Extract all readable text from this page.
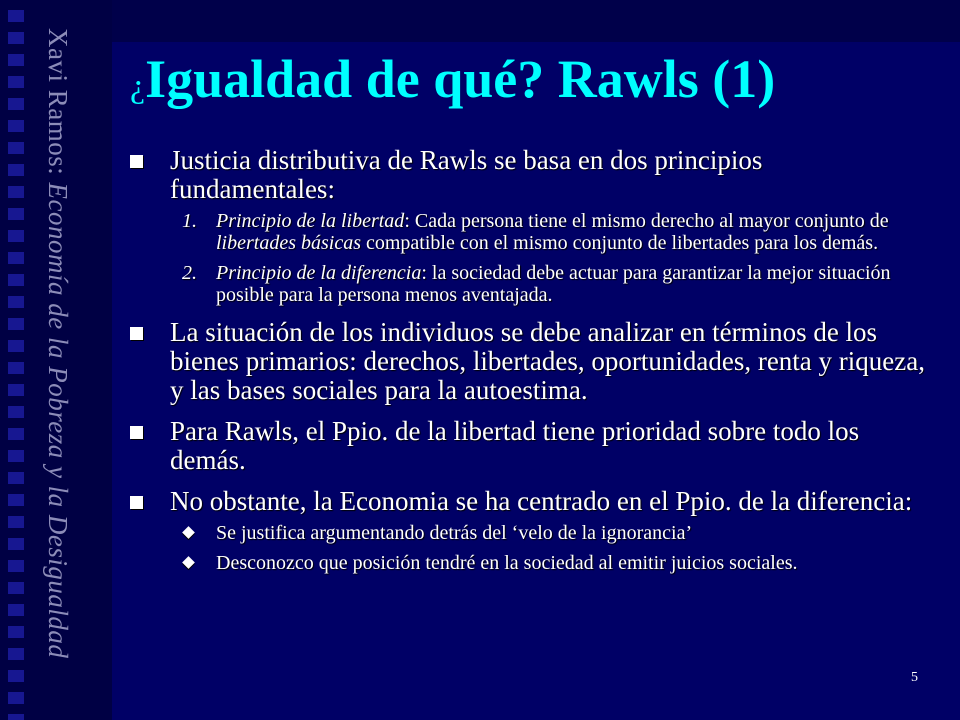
Xavi Ramos: Economía de la Pobreza y la Desigualdad
¿Igualdad de qué? Rawls (1)
Justicia distributiva de Rawls se basa en dos principios fundamentales:
1. Principio de la libertad: Cada persona tiene el mismo derecho al mayor conjunto de libertades básicas compatible con el mismo conjunto de libertades para los demás.
2. Principio de la diferencia: la sociedad debe actuar para garantizar la mejor situación posible para la persona menos aventajada.
La situación de los individuos se debe analizar en términos de los bienes primarios: derechos, libertades, oportunidades, renta y riqueza, y las bases sociales para la autoestima.
Para Rawls, el Ppio. de la libertad tiene prioridad sobre todo los demás.
No obstante, la Economia se ha centrado en el Ppio. de la diferencia:
Se justifica argumentando detrás del ‘velo de la ignorancia’
Desconozco que posición tendré en la sociedad al emitir juicios sociales.
5
